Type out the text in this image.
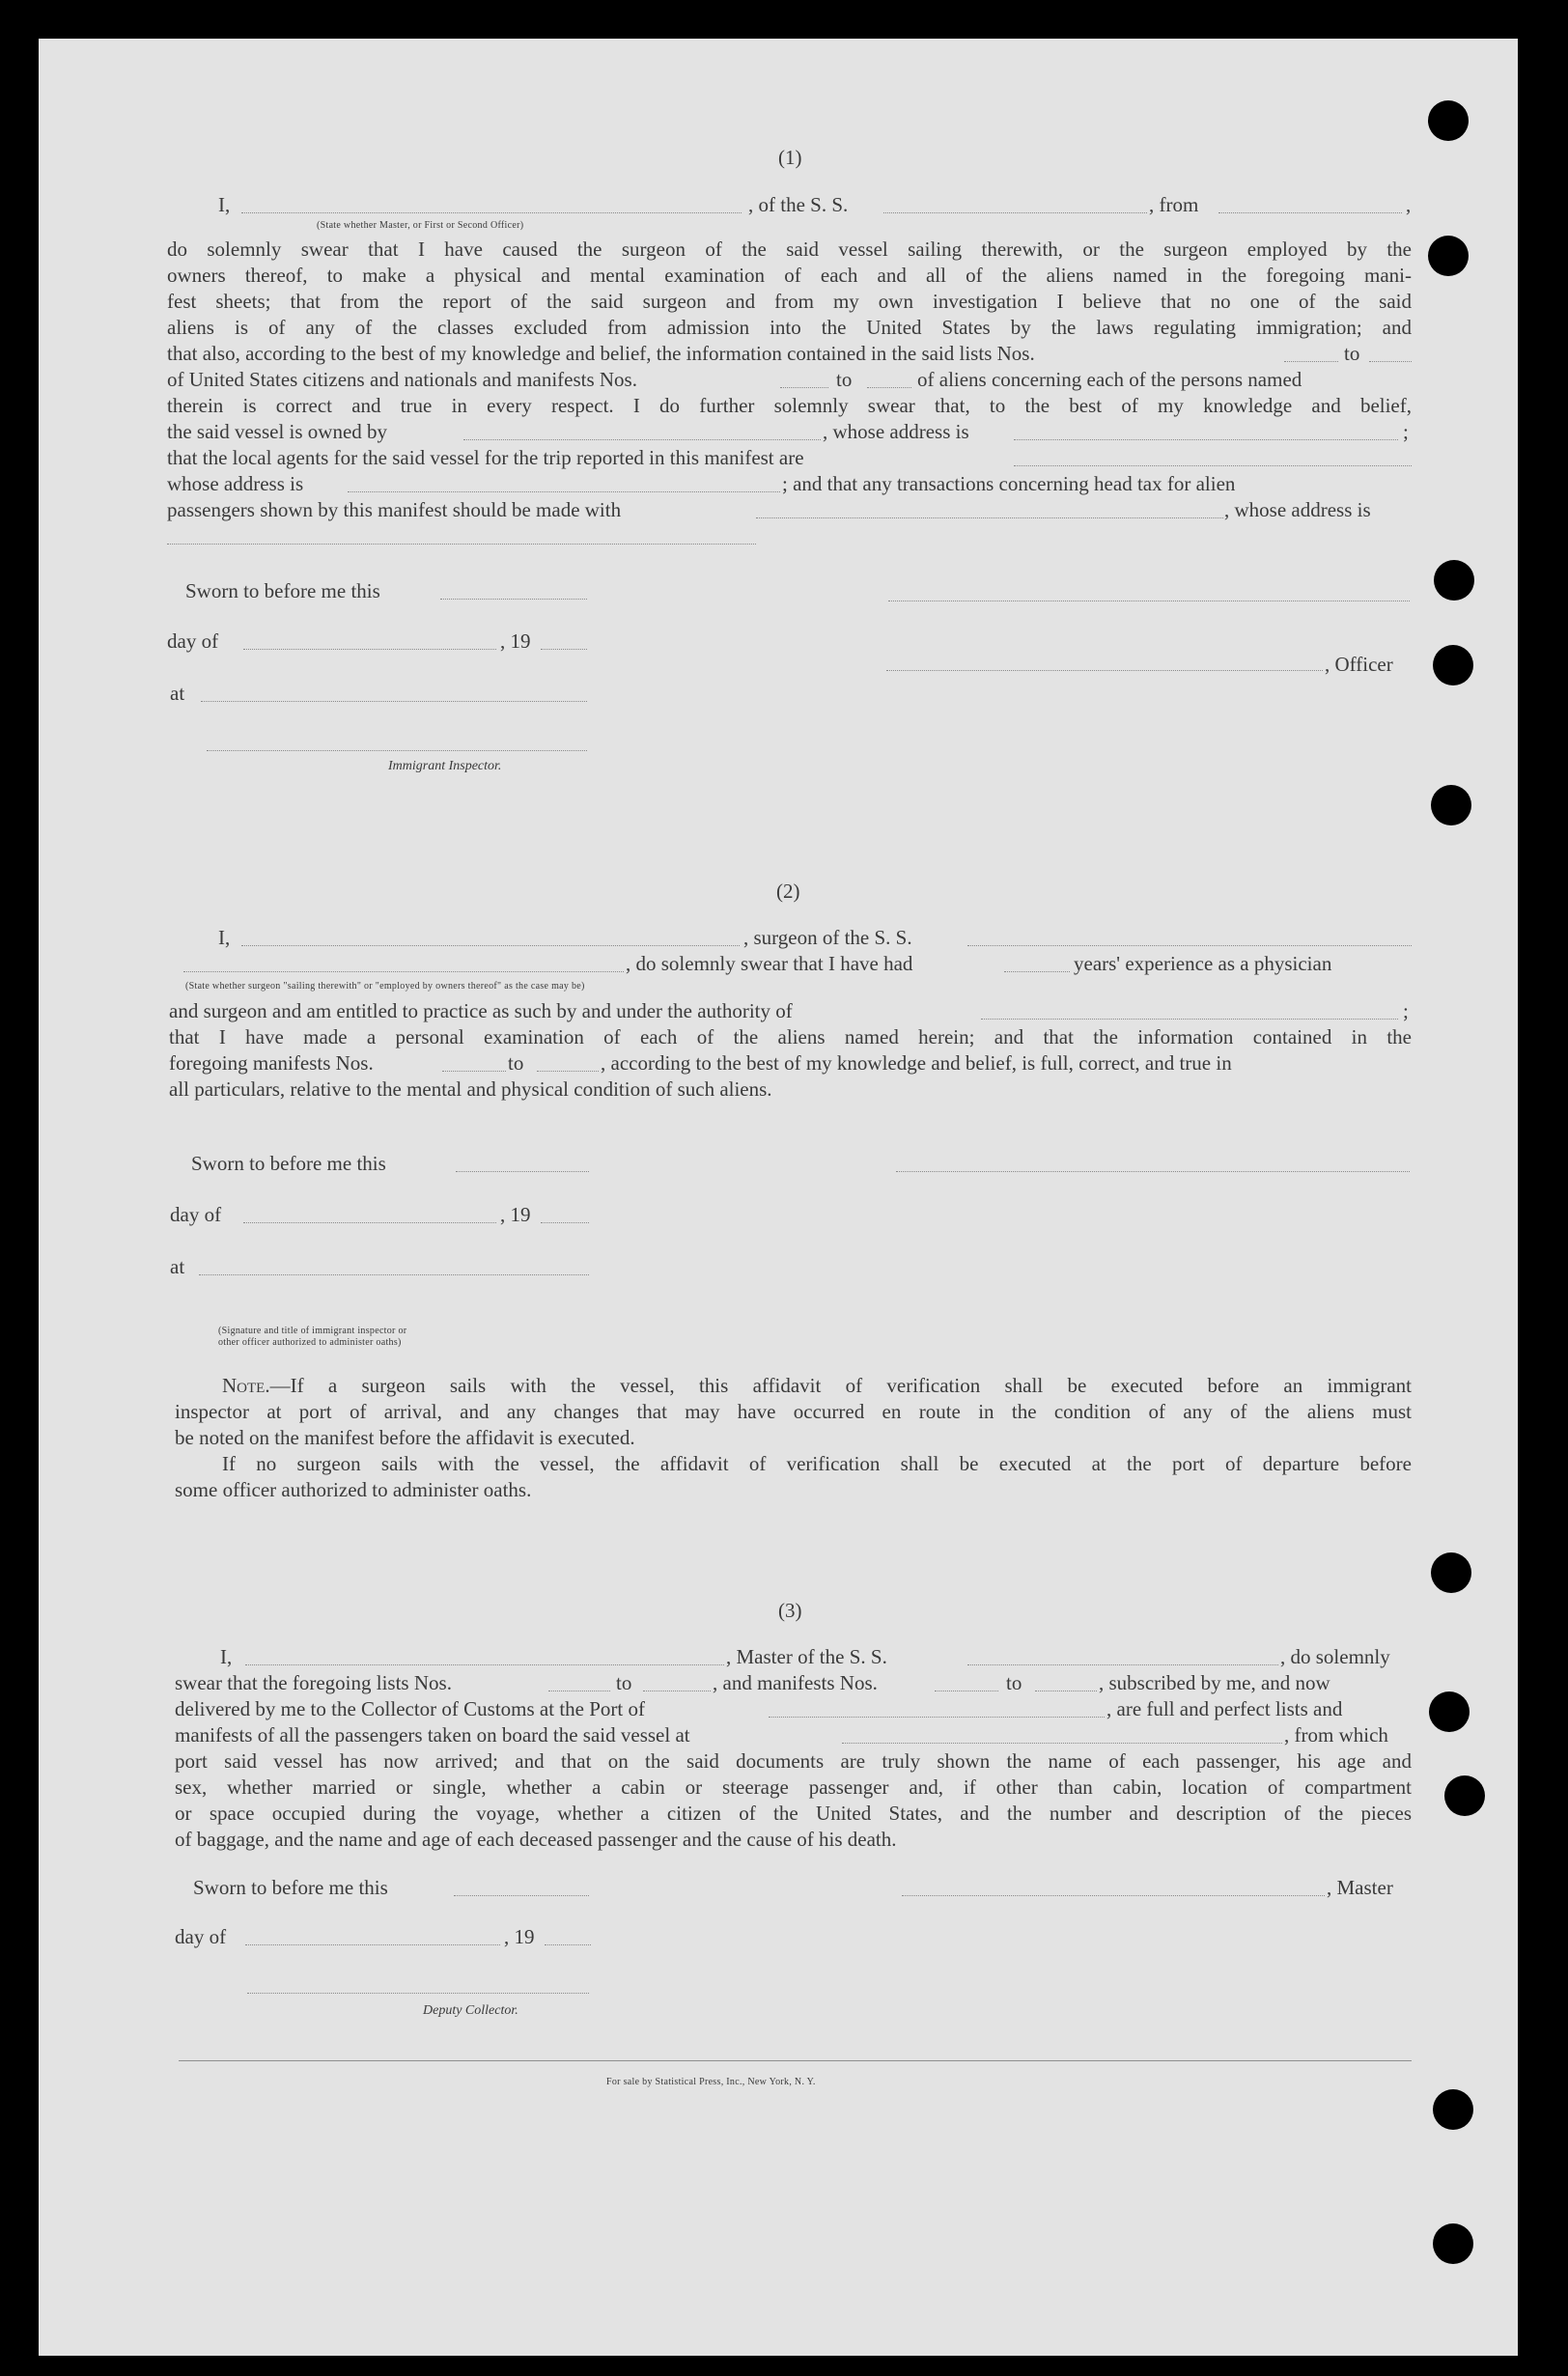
(1)
I,
(State whether Master, or First or Second Officer)
, of the S. S.	, from	,
do solemnly swear that I have caused the surgeon of the said vessel sailing therewith, or the surgeon employed by the
owners thereof, to make a physical and mental examination of each and all of the aliens named in the foregoing mani-
fest sheets; that from the report of the said surgeon and from my own investigation I believe that no one of the said
aliens is of any of the classes excluded from admission into the United States by the laws regulating immigration; and
that also, according to the best of my knowledge and belief, the information contained in the said lists Nos.	to
of United States citizens and nationals and manifests Nos.	to	of aliens concerning each of the persons named
therein is correct and true in every respect. I do further solemnly swear that, to the best of my knowledge and belief,
the said vessel is owned by	, whose address is	;
that the local agents for the said vessel for the trip reported in this manifest are
whose address is	; and that any transactions concerning head tax for alien
passengers shown by this manifest should be made with	, whose address is
Sworn to before me this
day of	, 19
, Officer
at
Immigrant Inspector.
(2)
I,	, surgeon of the S. S.
, do solemnly swear that I have had	years' experience as a physician
(State whether surgeon "sailing therewith" or "employed by owners thereof" as the case may be)
and surgeon and am entitled to practice as such by and under the authority of	;
that I have made a personal examination of each of the aliens named herein; and that the information contained in the
foregoing manifests Nos.	to	, according to the best of my knowledge and belief, is full, correct, and true in
all particulars, relative to the mental and physical condition of such aliens.
Sworn to before me this
day of	, 19
at
(Signature and title of immigrant inspector or
other officer authorized to administer oaths)
Note.—If a surgeon sails with the vessel, this affidavit of verification shall be executed before an immigrant
inspector at port of arrival, and any changes that may have occurred en route in the condition of any of the aliens must
be noted on the manifest before the affidavit is executed.
If no surgeon sails with the vessel, the affidavit of verification shall be executed at the port of departure before
some officer authorized to administer oaths.
(3)
I,	, Master of the S. S.	, do solemnly
swear that the foregoing lists Nos.	to	, and manifests Nos.	to	, subscribed by me, and now
delivered by me to the Collector of Customs at the Port of	, are full and perfect lists and
manifests of all the passengers taken on board the said vessel at	, from which
port said vessel has now arrived; and that on the said documents are truly shown the name of each passenger, his age and
sex, whether married or single, whether a cabin or steerage passenger and, if other than cabin, location of compartment
or space occupied during the voyage, whether a citizen of the United States, and the number and description of the pieces
of baggage, and the name and age of each deceased passenger and the cause of his death.
Sworn to before me this	, Master
day of	, 19
Deputy Collector.
For sale by Statistical Press, Inc., New York, N. Y.
